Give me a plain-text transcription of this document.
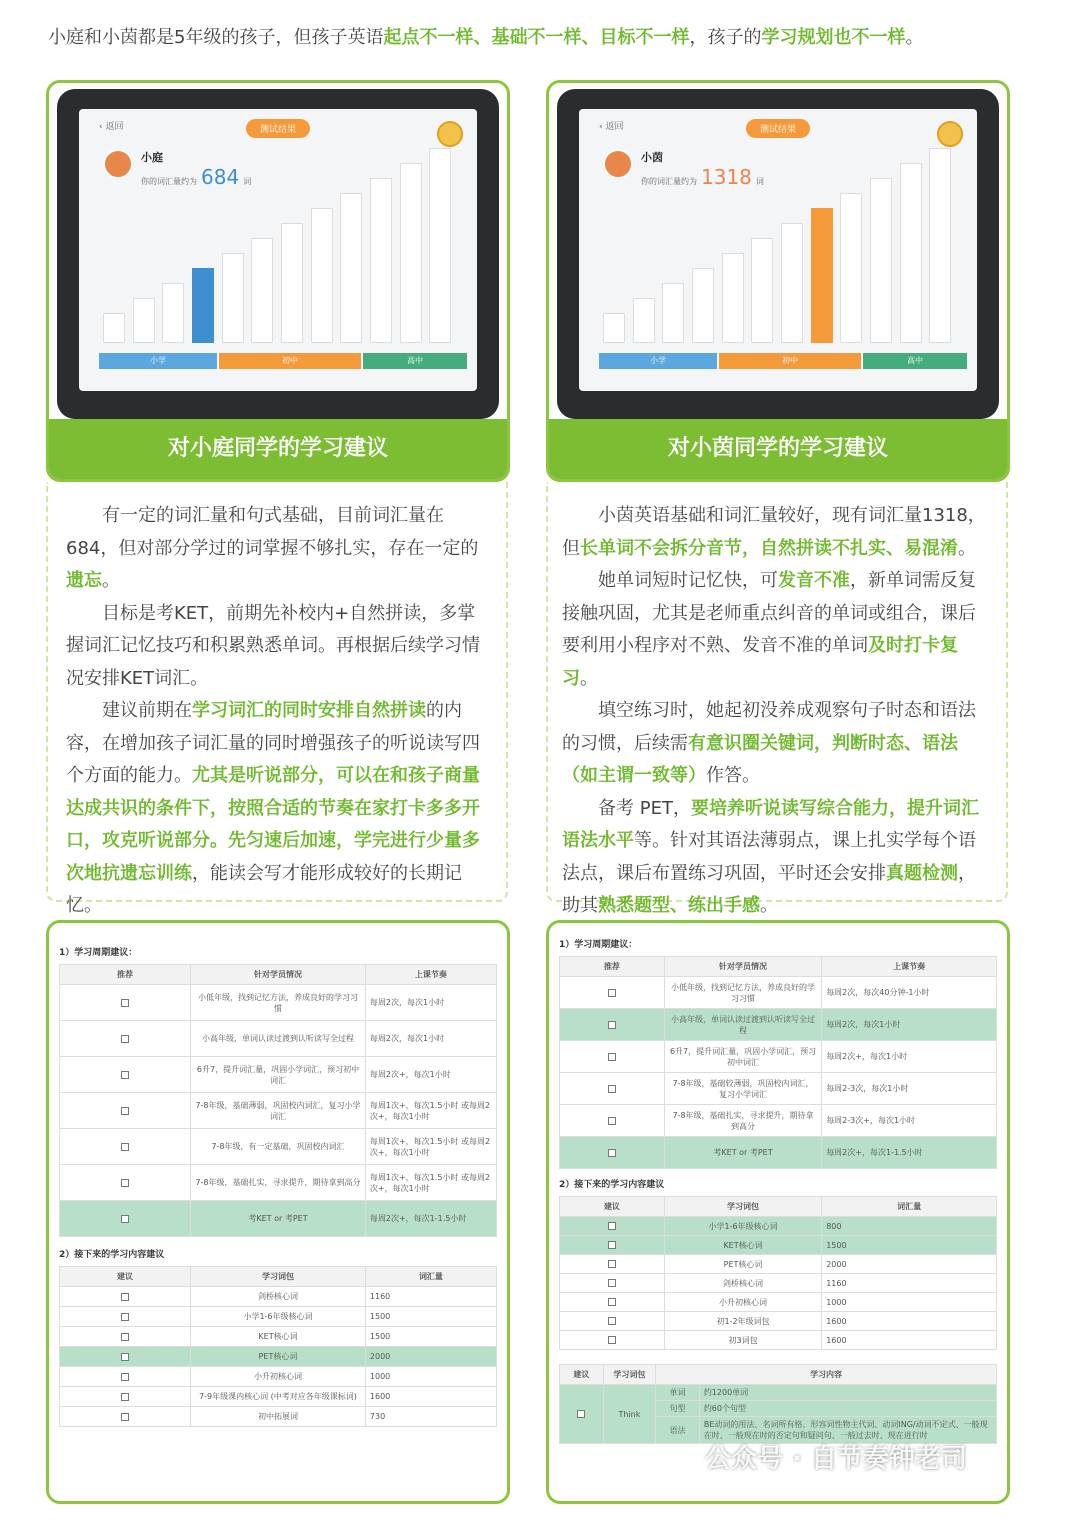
小庭和小茵都是5年级的孩子，但孩子英语起点不一样、基础不一样、目标不一样，孩子的学习规划也不一样。
‹ 返回	测试结果
小庭
你的词汇量约为 684 词
小学	初中	高中
对小庭同学的学习建议

有一定的词汇量和句式基础，目前词汇量在684，但对部分学过的词掌握不够扎实，存在一定的遗忘。

目标是考KET，前期先补校内+自然拼读，多掌握词汇记忆技巧和积累熟悉单词。再根据后续学习情况安排KET词汇。

建议前期在学习词汇的同时安排自然拼读的内容，在增加孩子词汇量的同时增强孩子的听说读写四个方面的能力。尤其是听说部分，可以在和孩子商量达成共识的条件下，按照合适的节奏在家打卡多多开口，攻克听说部分。先匀速后加速，学完进行少量多次地抗遗忘训练，能读会写才能形成较好的长期记忆。

‹ 返回	测试结果
小茵
你的词汇量约为 1318 词
小学	初中	高中
对小茵同学的学习建议

小茵英语基础和词汇量较好，现有词汇量1318，但长单词不会拆分音节，自然拼读不扎实、易混淆。

她单词短时记忆快，可发音不准，新单词需反复接触巩固，尤其是老师重点纠音的单词或组合，课后要利用小程序对不熟、发音不准的单词及时打卡复习。

填空练习时，她起初没养成观察句子时态和语法的习惯，后续需有意识圈关键词，判断时态、语法（如主谓一致等）作答。

备考 PET，要培养听说读写综合能力，提升词汇语法水平等。针对其语法薄弱点，课上扎实学每个语法点，课后布置练习巩固，平时还会安排真题检测，助其熟悉题型、练出手感。

1）学习周期建议：
推荐	针对学员情况	上课节奏
	小低年级，找到记忆方法，养成良好的学习习惯	每周2次，每次1小时
	小高年级，单词认读过渡到认听读写全过程	每周2次，每次1小时
	6升7，提升词汇量，巩固小学词汇，预习初中词汇	每周2次+，每次1小时
	7-8年级，基础薄弱，巩固校内词汇，复习小学词汇	每周1次+，每次1.5小时 或每周2次+，每次1小时
	7-8年级，有一定基础，巩固校内词汇	每周1次+，每次1.5小时 或每周2次+，每次1小时
	7-8年级，基础扎实，寻求提升，期待拿到高分	每周1次+，每次1.5小时 或每周2次+，每次1小时
	考KET or 考PET	每周2次+，每次1-1.5小时
2）接下来的学习内容建议
建议	学习词包	词汇量
	剑桥核心词	1160
	小学1-6年级核心词	1500
	KET核心词	1500
	PET核心词	2000
	小升初核心词	1000
	7-9年级课内核心词 (中考对应各年级课标词)	1600
	初中拓展词	730
1）学习周期建议：
推荐	针对学员情况	上课节奏
	小低年级，找到记忆方法，养成良好的学习习惯	每周2次，每次40分钟-1小时
	小高年级，单词认读过渡到认听读写全过程	每周2次，每次1小时
	6升7，提升词汇量，巩固小学词汇，预习初中词汇	每周2次+，每次1小时
	7-8年级，基础较薄弱，巩固校内词汇，复习小学词汇	每周2-3次，每次1小时
	7-8年级，基础扎实，寻求提升，期待拿到高分	每周2-3次+，每次1小时
	考KET or 考PET	每周2次+，每次1-1.5小时
2）接下来的学习内容建议
建议	学习词包	词汇量
	小学1-6年级核心词	800
	KET核心词	1500
	PET核心词	2000
	剑桥核心词	1160
	小升初核心词	1000
	初1-2年级词包	1600
	初3词包	1600
建议	学习词包	学习内容	
	Think	单词	约1200单词
		句型	约60个句型
		语法	BE动词的用法、名词所有格、形容词性物主代词、动词ING/动词不定式、一般现在时、一般现在时的否定句和疑问句、一般过去时、现在进行时
公众号 · 自节奏钟老司
